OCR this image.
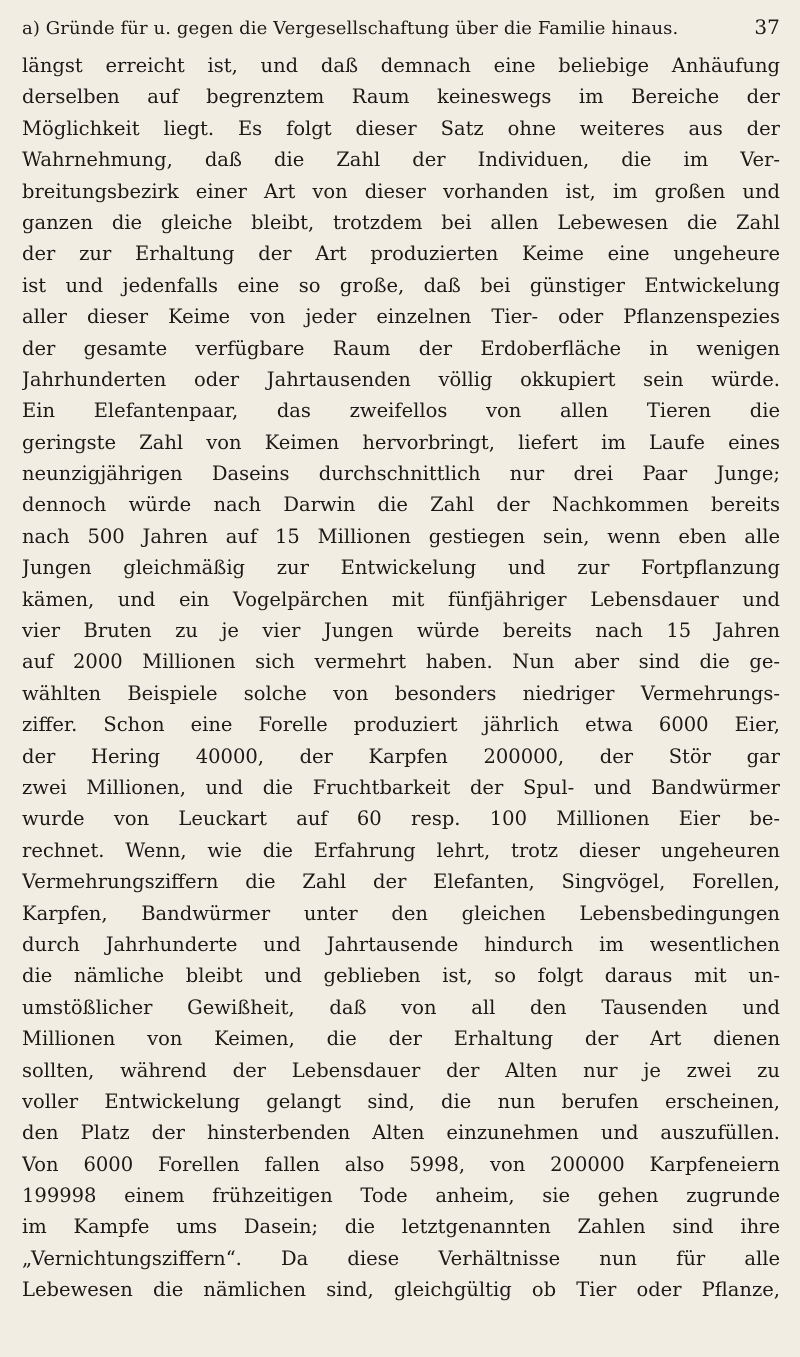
a) Gründe für u. gegen die Vergesellschaftung über die Familie hinaus.	37
längst erreicht ist, und daß demnach eine beliebige Anhäufung
derselben auf begrenztem Raum keineswegs im Bereiche der
Möglichkeit liegt. Es folgt dieser Satz ohne weiteres aus der
Wahrnehmung, daß die Zahl der Individuen, die im Ver-
breitungsbezirk einer Art von dieser vorhanden ist, im großen und
ganzen die gleiche bleibt, trotzdem bei allen Lebewesen die Zahl
der zur Erhaltung der Art produzierten Keime eine ungeheure
ist und jedenfalls eine so große, daß bei günstiger Entwickelung
aller dieser Keime von jeder einzelnen Tier- oder Pflanzenspezies
der gesamte verfügbare Raum der Erdoberfläche in wenigen
Jahrhunderten oder Jahrtausenden völlig okkupiert sein würde.
Ein Elefantenpaar, das zweifellos von allen Tieren die
geringste Zahl von Keimen hervorbringt, liefert im Laufe eines
neunzigjährigen Daseins durchschnittlich nur drei Paar Junge;
dennoch würde nach Darwin die Zahl der Nachkommen bereits
nach 500 Jahren auf 15 Millionen gestiegen sein, wenn eben alle
Jungen gleichmäßig zur Entwickelung und zur Fortpflanzung
kämen, und ein Vogelpärchen mit fünfjähriger Lebensdauer und
vier Bruten zu je vier Jungen würde bereits nach 15 Jahren
auf 2000 Millionen sich vermehrt haben. Nun aber sind die ge-
wählten Beispiele solche von besonders niedriger Vermehrungs-
ziffer. Schon eine Forelle produziert jährlich etwa 6000 Eier,
der Hering 40000, der Karpfen 200000, der Stör gar
zwei Millionen, und die Fruchtbarkeit der Spul- und Bandwürmer
wurde von Leuckart auf 60 resp. 100 Millionen Eier be-
rechnet. Wenn, wie die Erfahrung lehrt, trotz dieser ungeheuren
Vermehrungsziffern die Zahl der Elefanten, Singvögel, Forellen,
Karpfen, Bandwürmer unter den gleichen Lebensbedingungen
durch Jahrhunderte und Jahrtausende hindurch im wesentlichen
die nämliche bleibt und geblieben ist, so folgt daraus mit un-
umstößlicher Gewißheit, daß von all den Tausenden und
Millionen von Keimen, die der Erhaltung der Art dienen
sollten, während der Lebensdauer der Alten nur je zwei zu
voller Entwickelung gelangt sind, die nun berufen erscheinen,
den Platz der hinsterbenden Alten einzunehmen und auszufüllen.
Von 6000 Forellen fallen also 5998, von 200000 Karpfeneiern
199998 einem frühzeitigen Tode anheim, sie gehen zugrunde
im Kampfe ums Dasein; die letztgenannten Zahlen sind ihre
„Vernichtungsziffern“. Da diese Verhältnisse nun für alle
Lebewesen die nämlichen sind, gleichgültig ob Tier oder Pflanze,
